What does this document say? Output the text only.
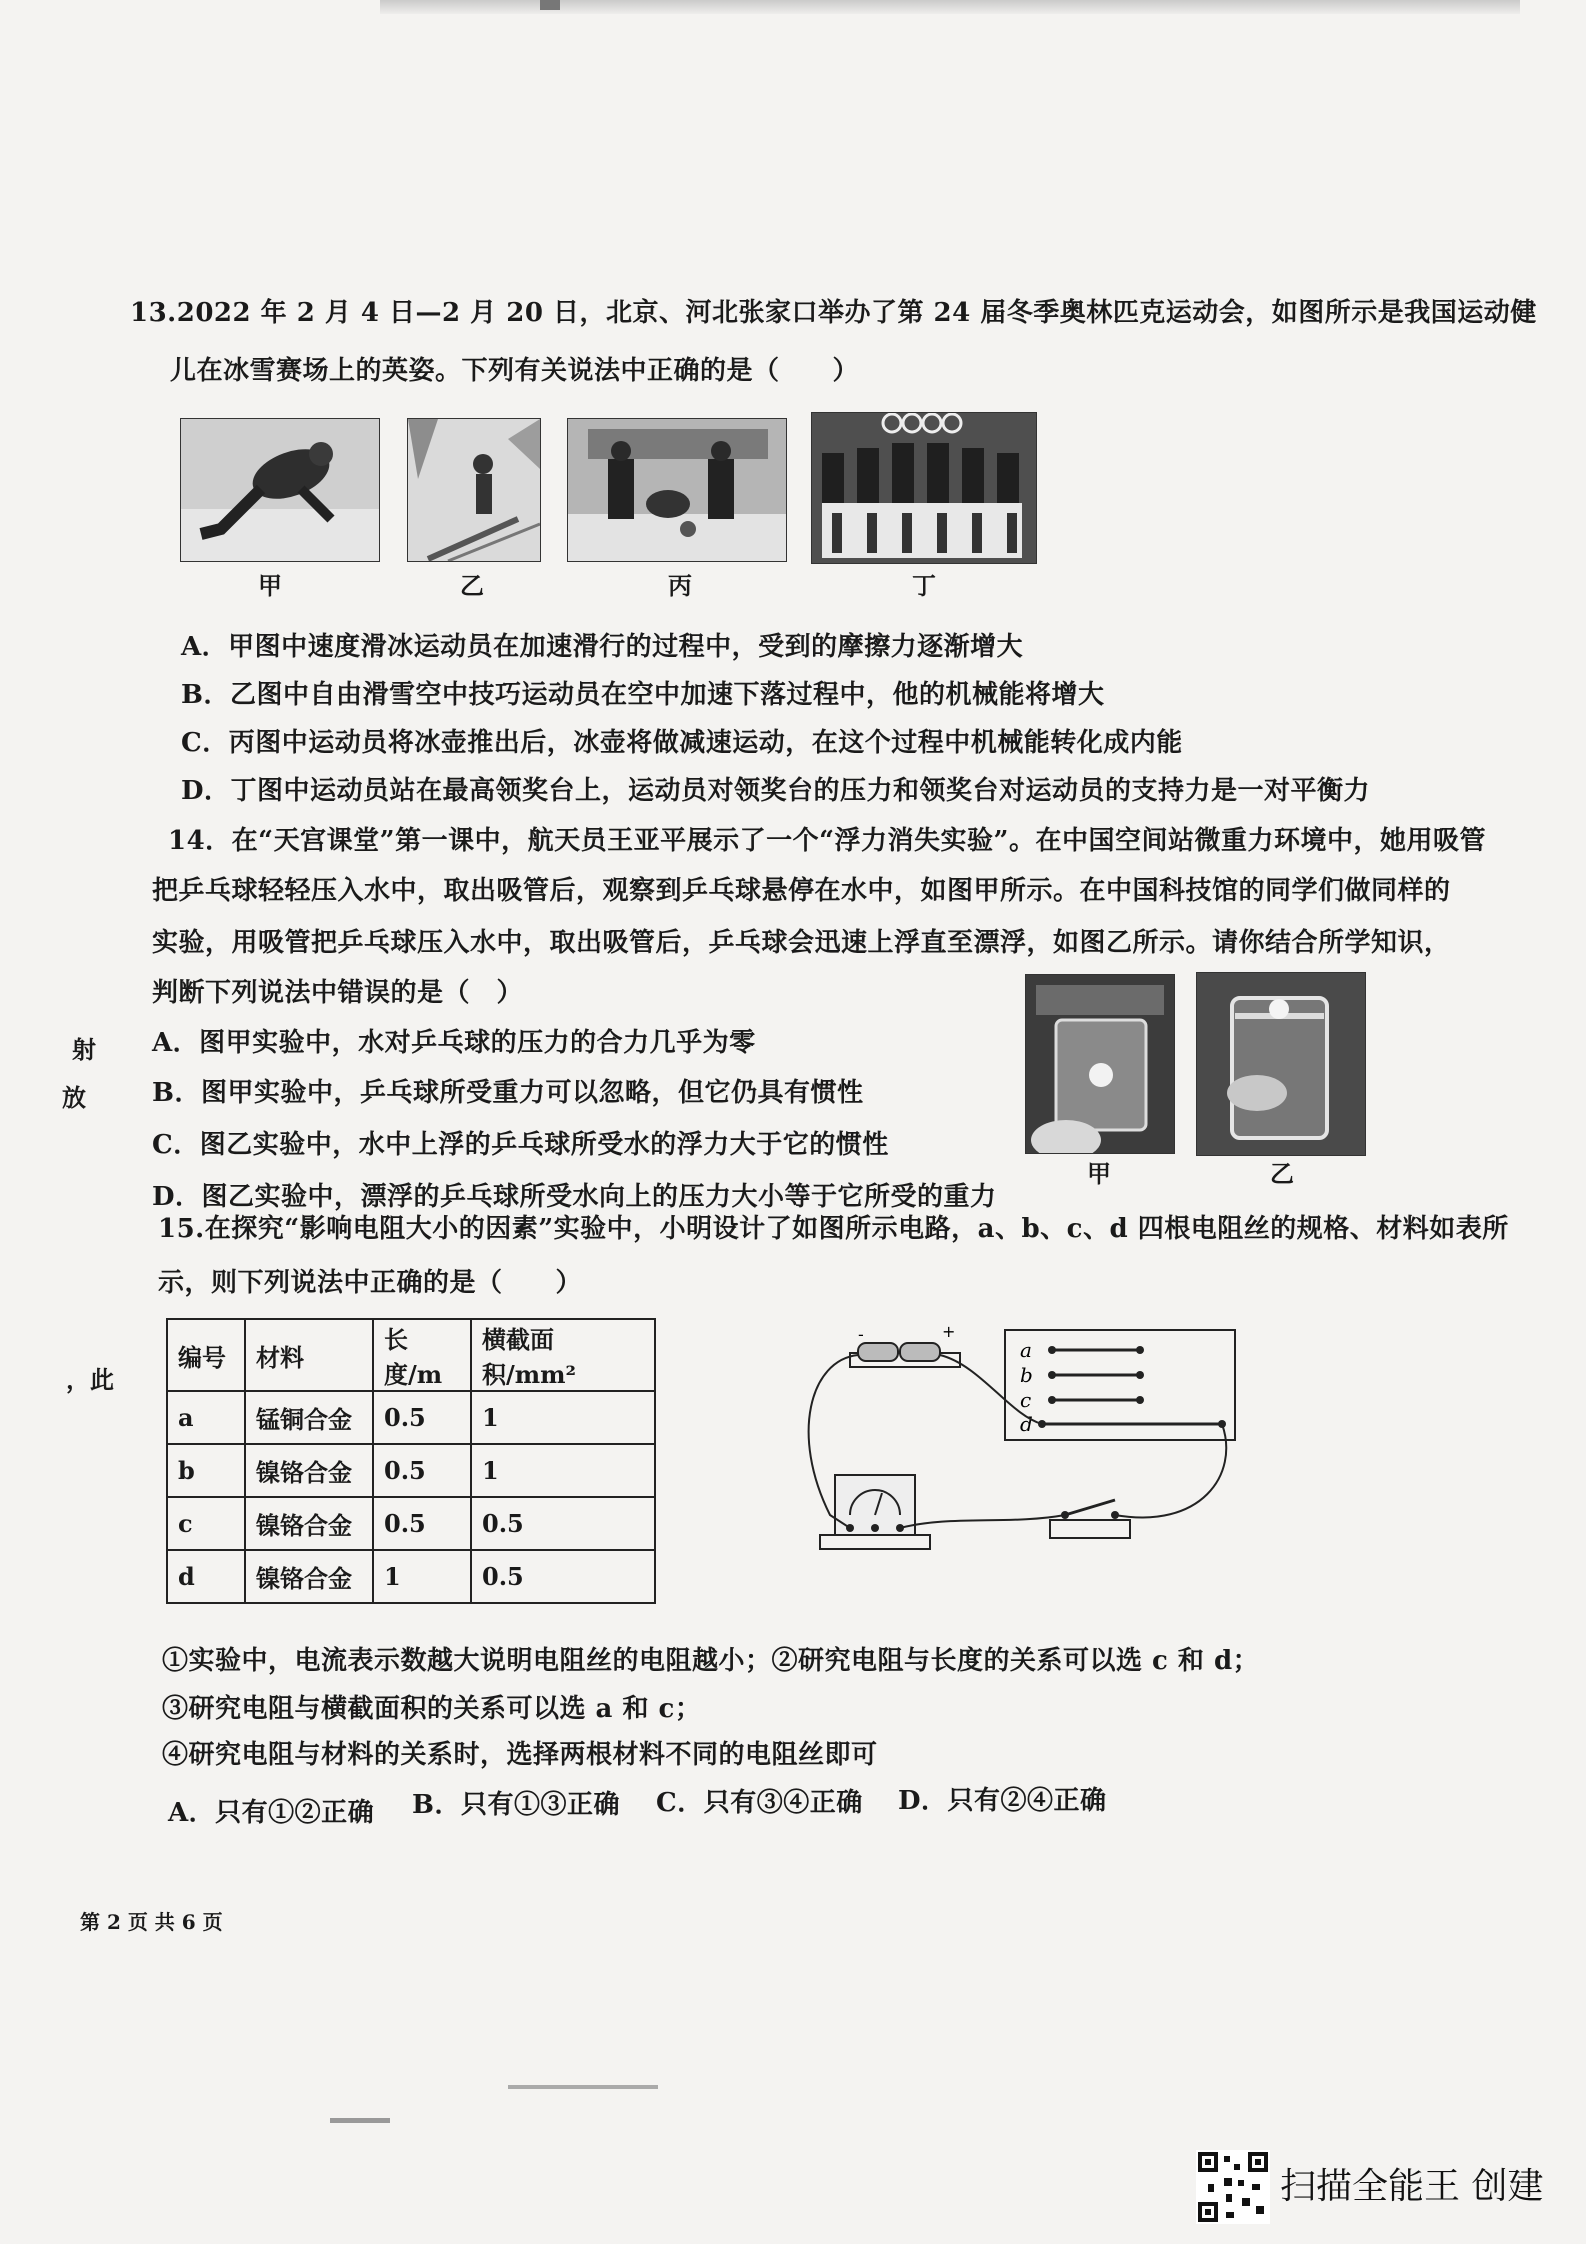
13.2022 年 2 月 4 日—2 月 20 日，北京、河北张家口举办了第 24 届冬季奥林匹克运动会，如图所示是我国运动健
儿在冰雪赛场上的英姿。下列有关说法中正确的是（　　）
甲	乙	丙	丁
A．甲图中速度滑冰运动员在加速滑行的过程中，受到的摩擦力逐渐增大
B．乙图中自由滑雪空中技巧运动员在空中加速下落过程中，他的机械能将增大
C．丙图中运动员将冰壶推出后，冰壶将做减速运动，在这个过程中机械能转化成内能
D．丁图中运动员站在最高领奖台上，运动员对领奖台的压力和领奖台对运动员的支持力是一对平衡力
14．在“天宫课堂”第一课中，航天员王亚平展示了一个“浮力消失实验”。在中国空间站微重力环境中，她用吸管
把乒乓球轻轻压入水中，取出吸管后，观察到乒乓球悬停在水中，如图甲所示。在中国科技馆的同学们做同样的
实验，用吸管把乒乓球压入水中，取出吸管后，乒乓球会迅速上浮直至漂浮，如图乙所示。请你结合所学知识，
判断下列说法中错误的是（　）
射
放
A．图甲实验中，水对乒乓球的压力的合力几乎为零
B．图甲实验中，乒乓球所受重力可以忽略，但它仍具有惯性
C．图乙实验中，水中上浮的乒乓球所受水的浮力大于它的惯性
D．图乙实验中，漂浮的乒乓球所受水向上的压力大小等于它所受的重力
甲	乙
15.在探究“影响电阻大小的因素”实验中，小明设计了如图所示电路，a、b、c、d 四根电阻丝的规格、材料如表所
示，则下列说法中正确的是（　　）
，此
编号	材料	长度/m	横截面积/mm²
a	锰铜合金	0.5	1
b	镍铬合金	0.5	1
c	镍铬合金	0.5	0.5
d	镍铬合金	1	0.5
a
b
c
d
-	+
①实验中，电流表示数越大说明电阻丝的电阻越小；②研究电阻与长度的关系可以选 c 和 d；
③研究电阻与横截面积的关系可以选 a 和 c；
④研究电阻与材料的关系时，选择两根材料不同的电阻丝即可
A．只有①②正确 B．只有①③正确 C．只有③④正确 D．只有②④正确
第 2 页 共 6 页
扫描全能王 创建
